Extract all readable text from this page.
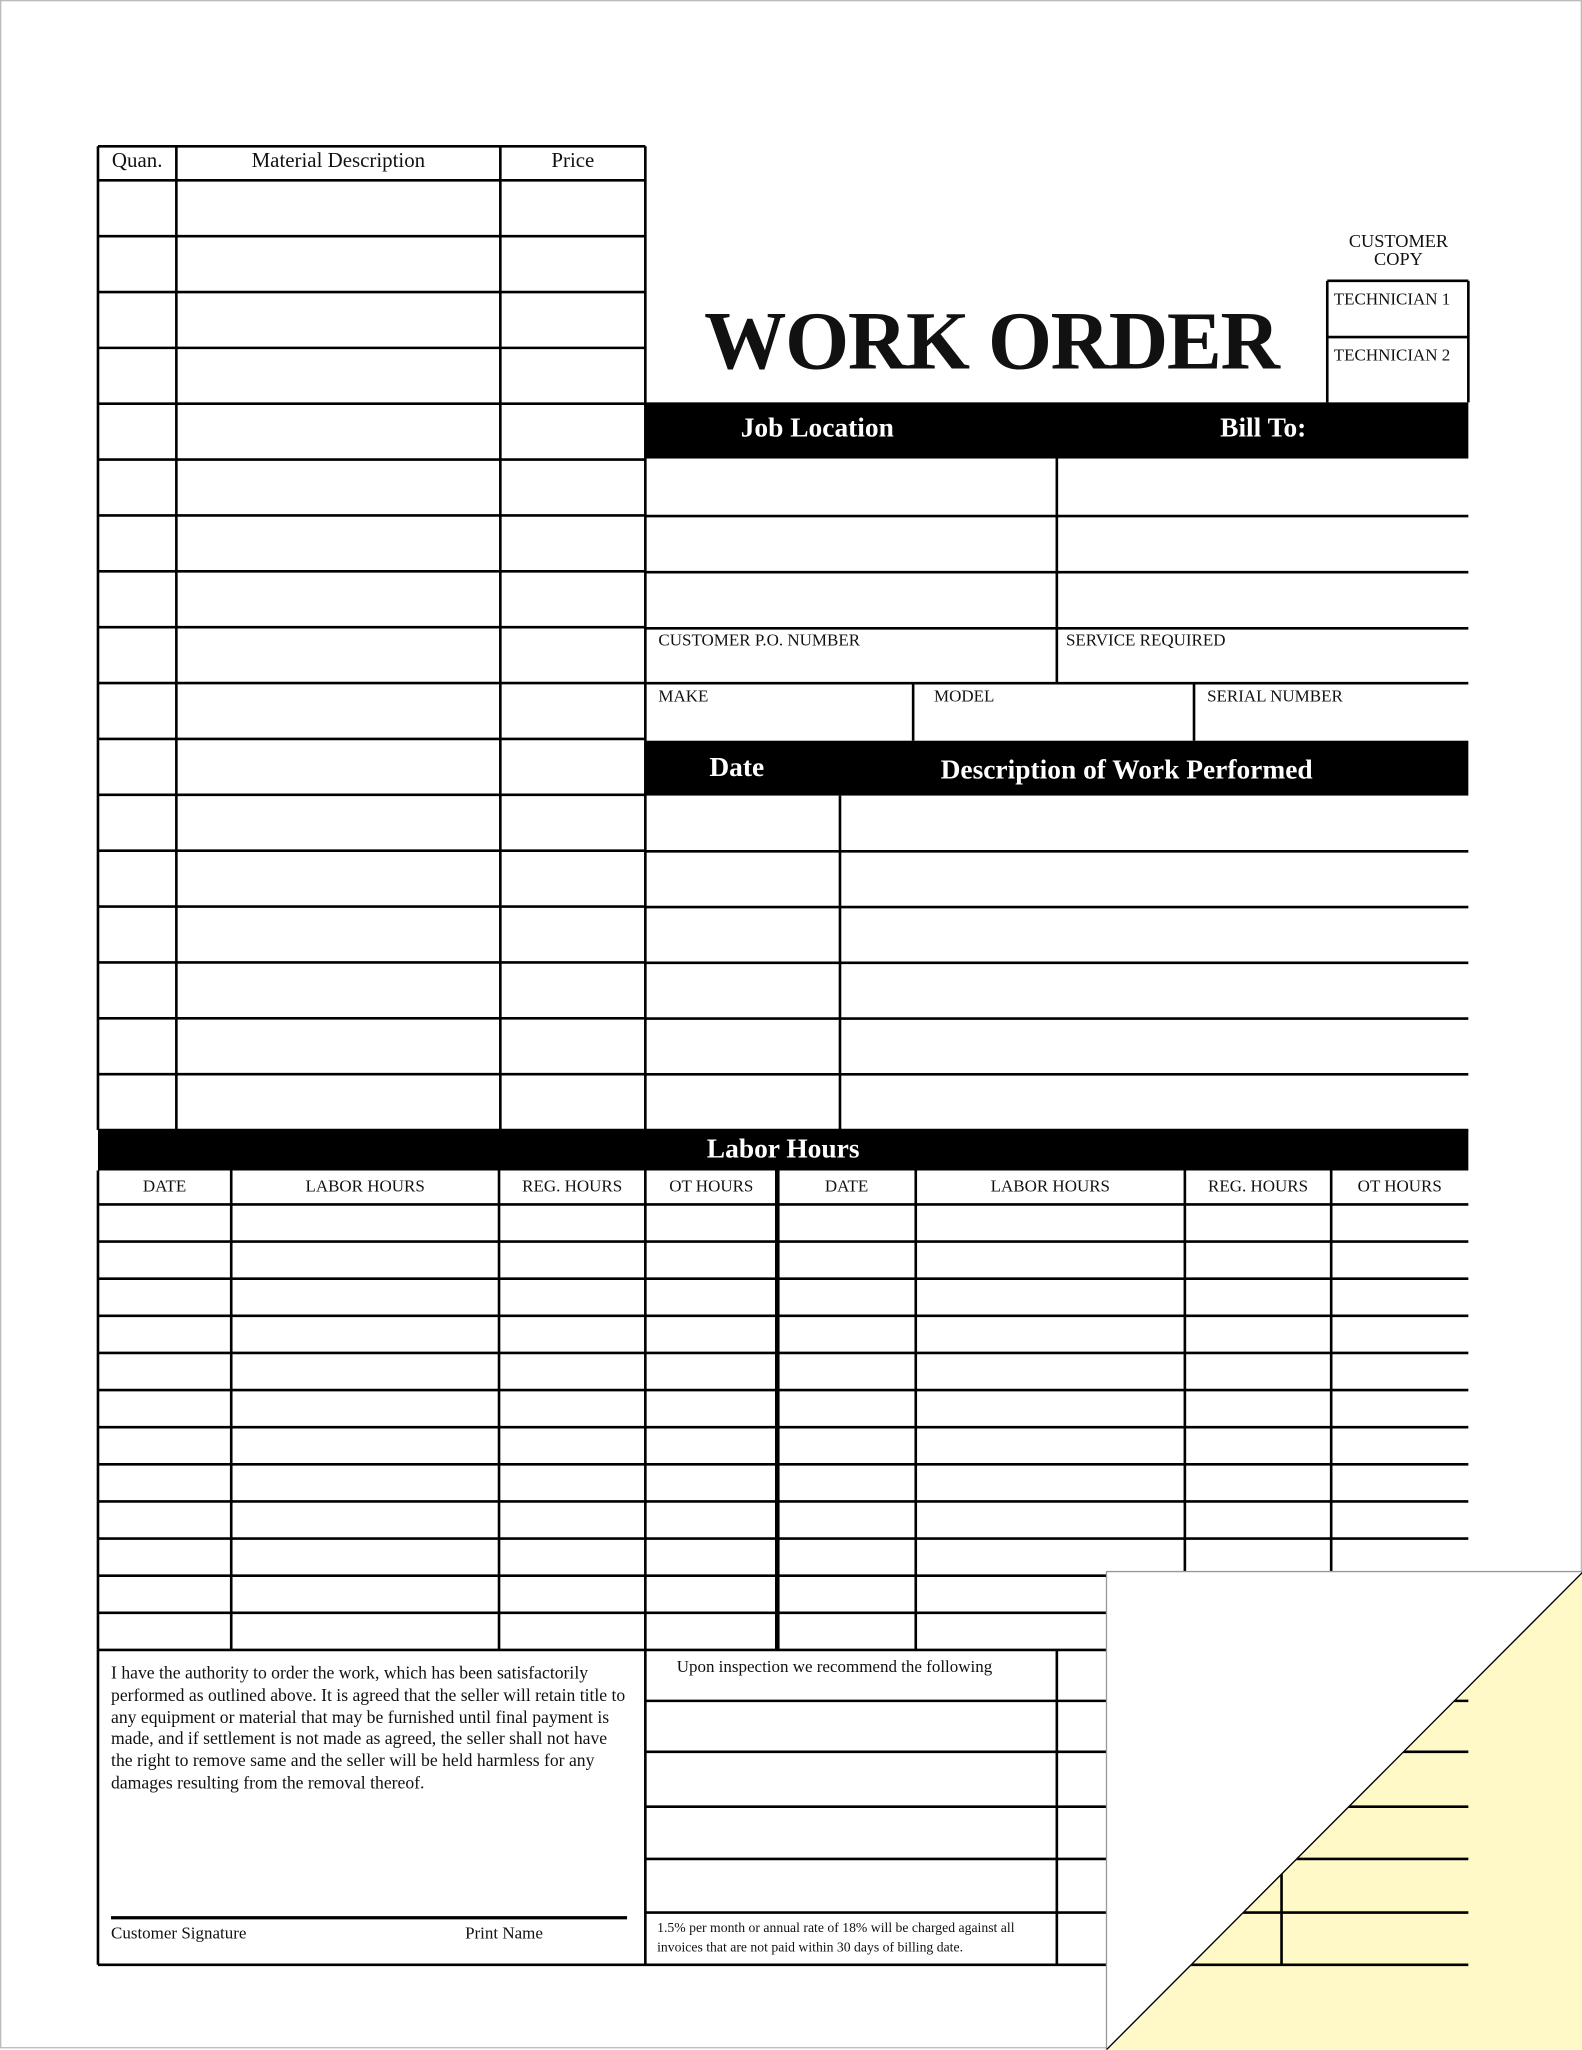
Quan.	Material Description	Price
CUSTOMER COPY
TECHNICIAN 1
TECHNICIAN 2
WORK ORDER
Job Location	Bill To:
CUSTOMER P.O. NUMBER	SERVICE REQUIRED
MAKE	MODEL	SERIAL NUMBER
Date	Description of Work Performed
Labor Hours
DATE	LABOR HOURS	REG. HOURS	OT HOURS	DATE	LABOR HOURS	REG. HOURS	OT HOURS
I have the authority to order the work, which has been satisfactorily performed as outlined above. It is agreed that the seller will retain title to any equipment or material that may be furnished until final payment is made, and if settlement is not made as agreed, the seller shall not have the right to remove same and the seller will be held harmless for any damages resulting from the removal thereof.
Customer Signature	Print Name
Upon inspection we recommend the following
1.5% per month or annual rate of 18% will be charged against all invoices that are not paid within 30 days of billing date.
